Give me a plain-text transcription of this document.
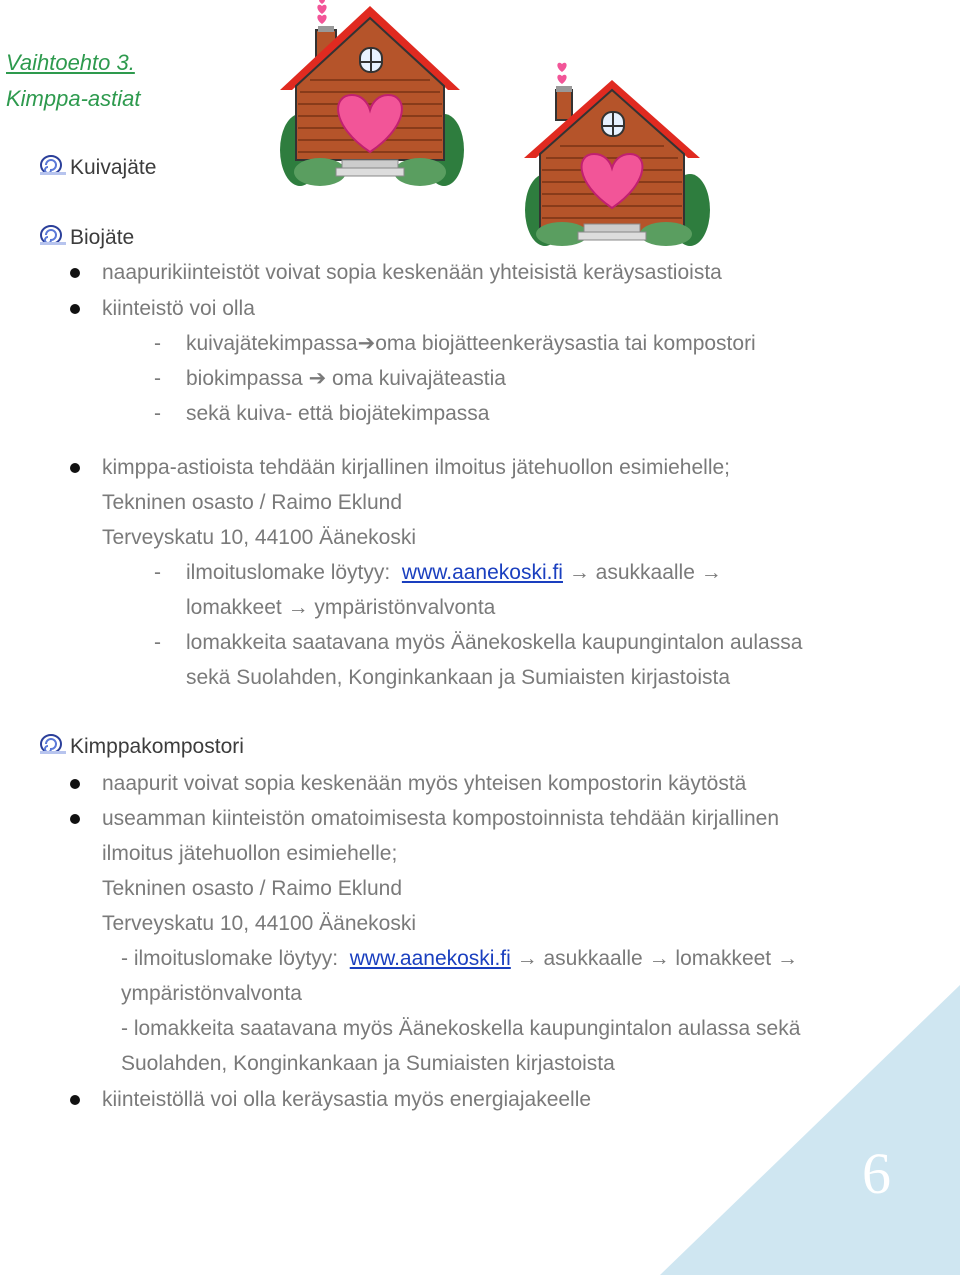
Vaihtoehto 3.
Kimppa-astiat
Kuivajäte
Biojäte
naapurikiinteistöt voivat sopia keskenään yhteisistä keräysastioista
kiinteistö voi olla
- kuivajätekimpassa➔oma biojätteenkeräysastia tai kompostori
- biokimpassa ➔ oma kuivajäteastia
- sekä kuiva- että biojätekimpassa
kimppa-astioista tehdään kirjallinen ilmoitus jätehuollon esimiehelle;
Tekninen osasto / Raimo Eklund
Terveyskatu 10, 44100 Äänekoski
- ilmoituslomake löytyy: www.aanekoski.fi → asukkaalle →
lomakkeet → ympäristönvalvonta
- lomakkeita saatavana myös Äänekoskella kaupungintalon aulassa
sekä Suolahden, Konginkankaan ja Sumiaisten kirjastoista
Kimppakompostori
naapurit voivat sopia keskenään myös yhteisen kompostorin käytöstä
useamman kiinteistön omatoimisesta kompostoinnista tehdään kirjallinen
ilmoitus jätehuollon esimiehelle;
Tekninen osasto / Raimo Eklund
Terveyskatu 10, 44100 Äänekoski
- ilmoituslomake löytyy: www.aanekoski.fi → asukkaalle → lomakkeet →
ympäristönvalvonta
- lomakkeita saatavana myös Äänekoskella kaupungintalon aulassa sekä
Suolahden, Konginkankaan ja Sumiaisten kirjastoista
kiinteistöllä voi olla keräysastia myös energiajakeelle
6
